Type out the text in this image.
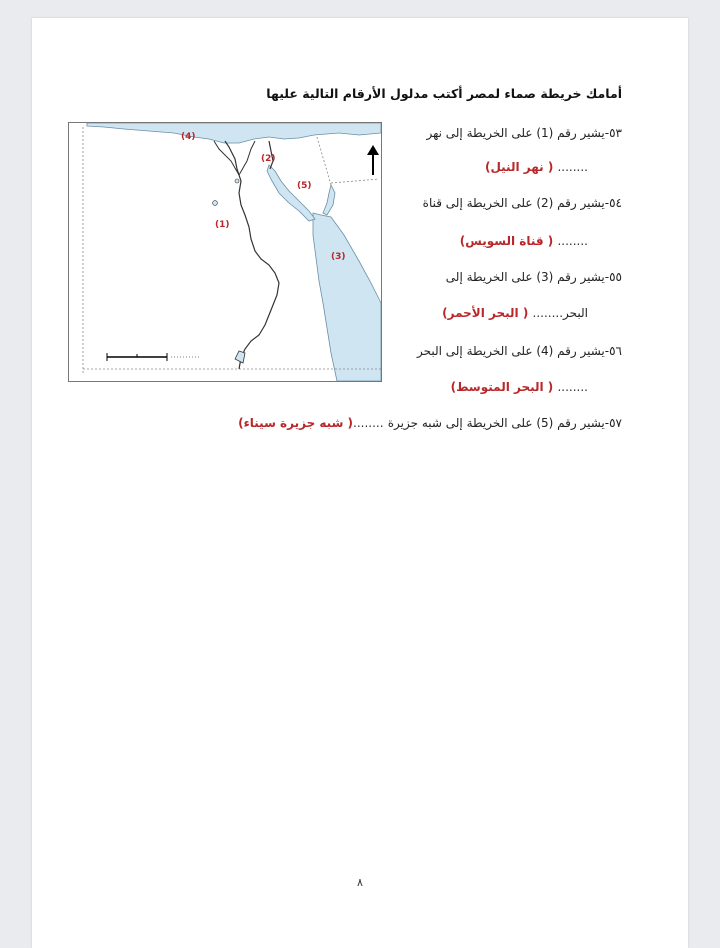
أمامك خريطة صماء لمصر أكتب مدلول الأرقام التالية عليها
(4)
(2)
(5)
(1)
(3)
٥٣-يشير رقم (1) على الخريطة إلى نهر
........ ( نهر النيل)
٥٤-يشير رقم (2) على الخريطة إلى قناة
........ ( قناة السويس)
٥٥-يشير رقم (3) على الخريطة إلى
البحر........ ( البحر الأحمر)
٥٦-يشير رقم (4) على الخريطة إلى البحر
........ ( البحر المتوسط)
٥٧-يشير رقم (5) على الخريطة إلى شبه جزيرة ........( شبه جزيرة سيناء)
٨
